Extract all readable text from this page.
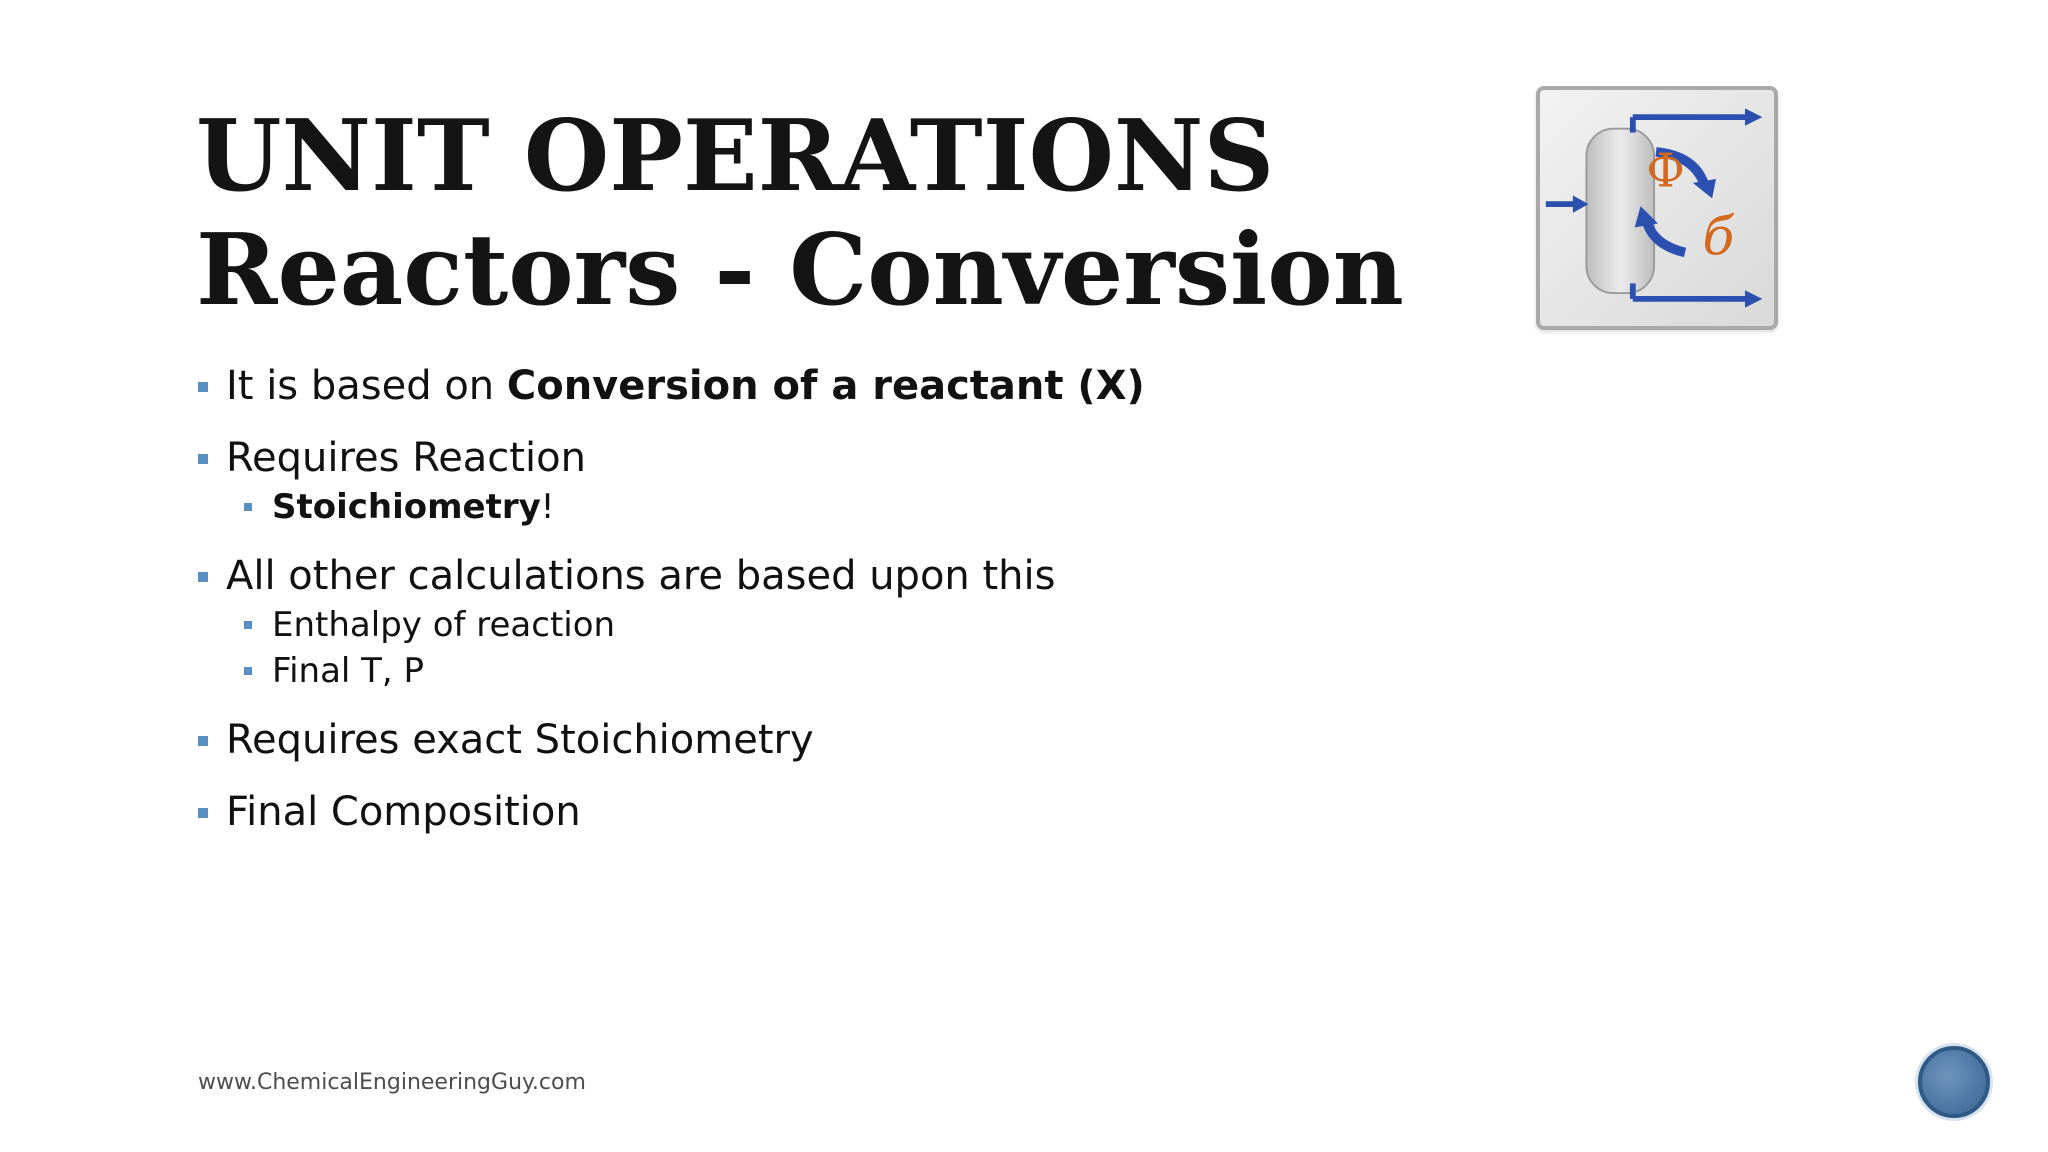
UNIT OPERATIONS
Reactors - Conversion
Ф
б
It is based on Conversion of a reactant (X)
Requires Reaction
Stoichiometry!
All other calculations are based upon this
Enthalpy of reaction
Final T, P
Requires exact Stoichiometry
Final Composition
www.ChemicalEngineeringGuy.com
